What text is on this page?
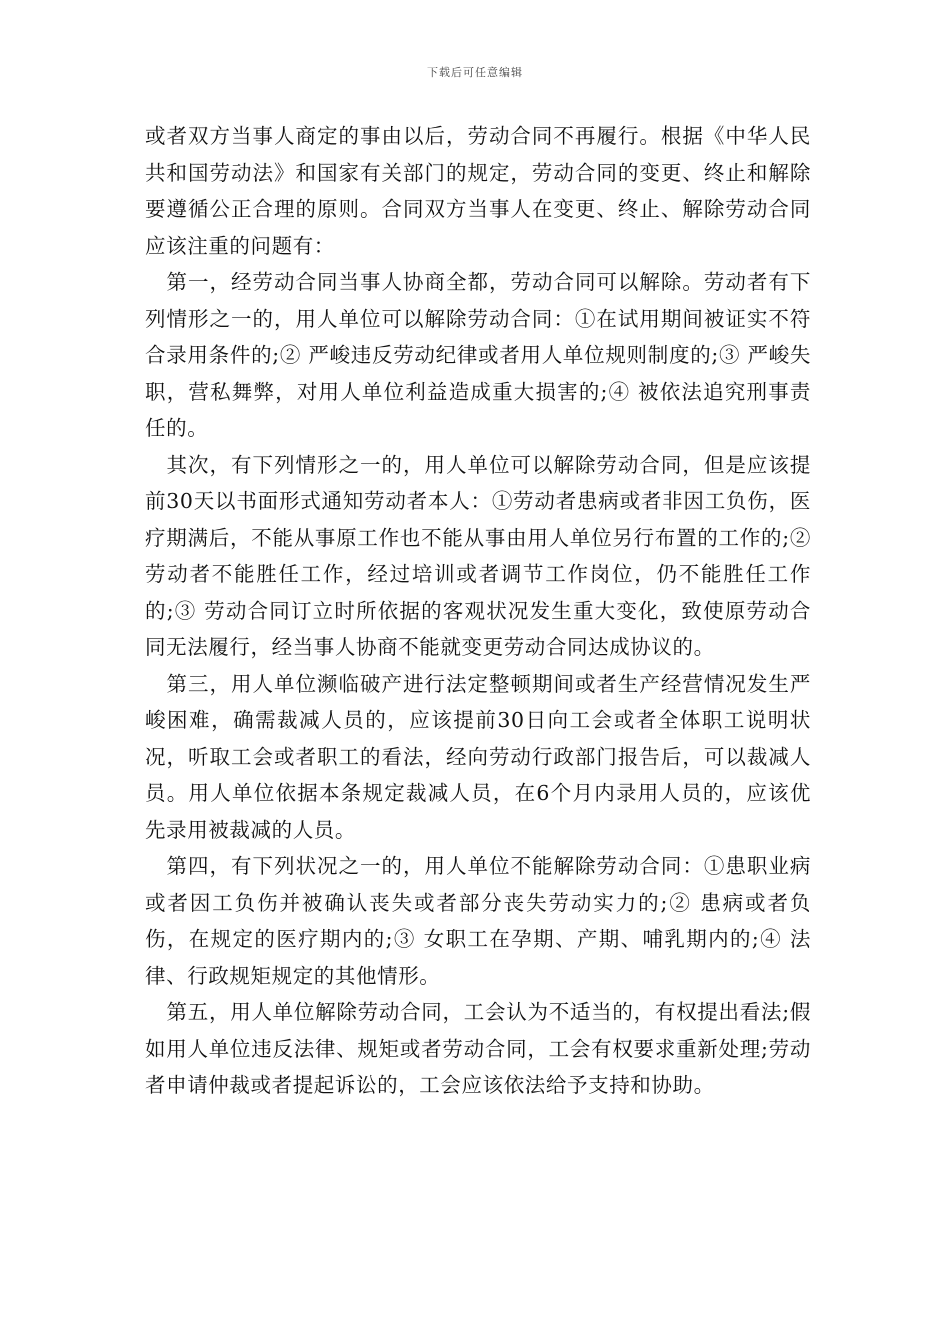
下载后可任意编辑

或者双方当事人商定的事由以后，劳动合同不再履行。根据《中华人民共和国劳动法》和国家有关部门的规定，劳动合同的变更、终止和解除要遵循公正合理的原则。合同双方当事人在变更、终止、解除劳动合同应该注重的问题有：

第一，经劳动合同当事人协商全都，劳动合同可以解除。劳动者有下列情形之一的，用人单位可以解除劳动合同：①在试用期间被证实不符合录用条件的;② 严峻违反劳动纪律或者用人单位规则制度的;③ 严峻失职，营私舞弊，对用人单位利益造成重大损害的;④ 被依法追究刑事责任的。

其次，有下列情形之一的，用人单位可以解除劳动合同，但是应该提前30天以书面形式通知劳动者本人：①劳动者患病或者非因工负伤，医疗期满后，不能从事原工作也不能从事由用人单位另行布置的工作的;② 劳动者不能胜任工作，经过培训或者调节工作岗位，仍不能胜任工作的;③ 劳动合同订立时所依据的客观状况发生重大变化，致使原劳动合同无法履行，经当事人协商不能就变更劳动合同达成协议的。

第三，用人单位濒临破产进行法定整顿期间或者生产经营情况发生严峻困难，确需裁减人员的，应该提前30日向工会或者全体职工说明状况，听取工会或者职工的看法，经向劳动行政部门报告后，可以裁减人员。用人单位依据本条规定裁减人员，在6个月内录用人员的，应该优先录用被裁减的人员。

第四，有下列状况之一的，用人单位不能解除劳动合同：①患职业病或者因工负伤并被确认丧失或者部分丧失劳动实力的;② 患病或者负伤，在规定的医疗期内的;③ 女职工在孕期、产期、哺乳期内的;④ 法律、行政规矩规定的其他情形。

第五，用人单位解除劳动合同，工会认为不适当的，有权提出看法;假如用人单位违反法律、规矩或者劳动合同，工会有权要求重新处理;劳动者申请仲裁或者提起诉讼的，工会应该依法给予支持和协助。
